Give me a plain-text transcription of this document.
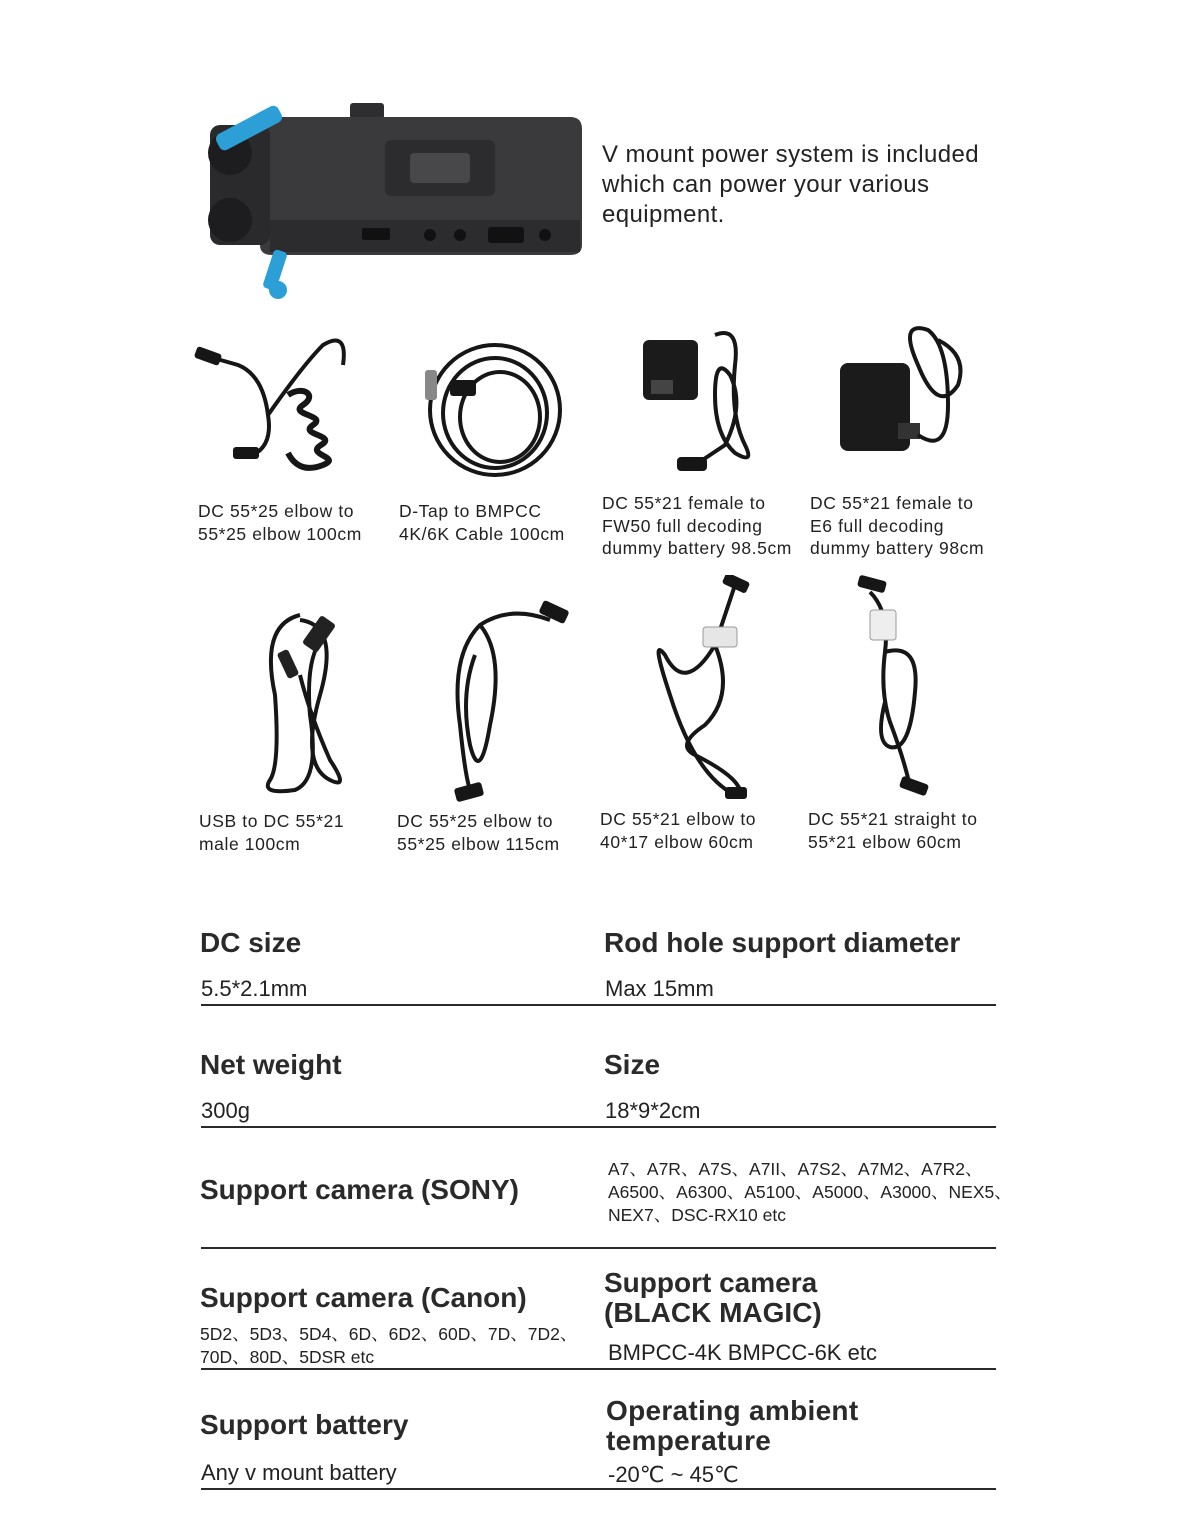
V mount power system is included which can power your various equipment.
DC 55*25 elbow to
55*25 elbow 100cm
D-Tap to BMPCC
4K/6K Cable 100cm
DC 55*21 female to
FW50 full decoding
dummy battery 98.5cm
DC 55*21 female to
E6 full decoding
dummy battery 98cm
USB to DC 55*21
male 100cm
DC 55*25 elbow to
55*25 elbow 115cm
DC 55*21 elbow to
40*17 elbow 60cm
DC 55*21 straight to
55*21 elbow 60cm
DC size
5.5*2.1mm
Rod hole support diameter
Max 15mm
Net weight
300g
Size
18*9*2cm
Support camera (SONY)
A7、A7R、A7S、A7II、A7S2、A7M2、A7R2、A6500、A6300、A5100、A5000、A3000、NEX5、NEX7、DSC-RX10 etc
Support camera (Canon)
5D2、5D3、5D4、6D、6D2、60D、7D、7D2、70D、80D、5DSR etc
Support camera (BLACK MAGIC)
BMPCC-4K BMPCC-6K etc
Support battery
Any v mount battery
Operating ambient temperature
-20℃ ~ 45℃
